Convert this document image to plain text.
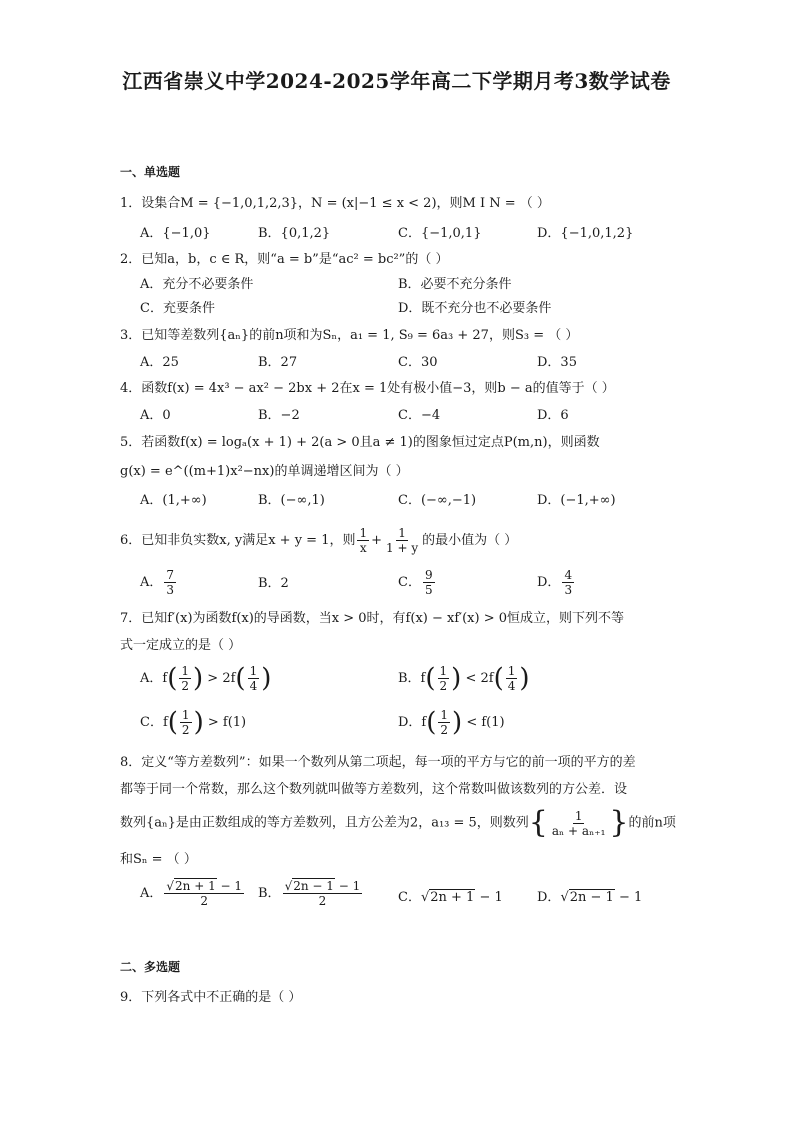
江西省崇义中学2024-2025学年高二下学期月考3数学试卷
一、单选题
1．设集合M = {−1,0,1,2,3}，N = (x|−1 ≤ x < 2)，则M I N = （ ）
A．{−1,0}	B．{0,1,2}	C．{−1,0,1}	D．{−1,0,1,2}
2．已知a，b，c ∈ R，则“a = b”是“ac² = bc²”的（ ）
A．充分不必要条件	B．必要不充分条件
C．充要条件	D．既不充分也不必要条件
3．已知等差数列{aₙ}的前n项和为Sₙ，a₁ = 1, S₉ = 6a₃ + 27，则S₃ = （ ）
A．25	B．27	C．30	D．35
4．函数f(x) = 4x³ − ax² − 2bx + 2在x = 1处有极小值−3，则b − a的值等于（ ）
A．0	B．−2	C．−4	D．6
5．若函数f(x) = logₐ(x + 1) + 2(a > 0且a ≠ 1)的图象恒过定点P(m,n)，则函数
g(x) = e^((m+1)x²−nx)的单调递增区间为（ ）
A．(1,+∞)	B．(−∞,1)	C．(−∞,−1)	D．(−1,+∞)
6．已知非负实数x, y满足x + y = 1，则 $\frac{1}{x} + \frac{1}{1 + y}$ 的最小值为（ ）
A． $\frac{7}{3}$	B．2	C． $\frac{9}{5}$	D． $\frac{4}{3}$
7．已知f′(x)为函数f(x)的导函数，当x > 0时，有f(x) − xf′(x) > 0恒成立，则下列不等
式一定成立的是（ ）
A．$f( \frac{1}{2}$ ) > $2f( \frac{1}{4}$ )	B．$f( \frac{1}{2}$ ) < $2f( \frac{1}{4}$ )
C．$f( \frac{1}{2}$ ) > f(1)	D．$f( \frac{1}{2}$ ) < f(1)
8．定义“等方差数列”：如果一个数列从第二项起，每一项的平方与它的前一项的平方的差
都等于同一个常数，那么这个数列就叫做等方差数列，这个常数叫做该数列的方公差．设
数列{aₙ}是由正数组成的等方差数列，且方公差为2，a₁₃ = 5，则数列{ $\frac{1}{\text{aₙ + aₙ₊₁}}$ }的前n项
和Sₙ = （ ）
A． $\frac{√2n + 1 - 1}{2}$ B． $\frac{√2n - 1 - 1}{2}$	C．√2n + 1 − 1	D．√2n − 1 − 1
二、多选题
9．下列各式中不正确的是（ ）
